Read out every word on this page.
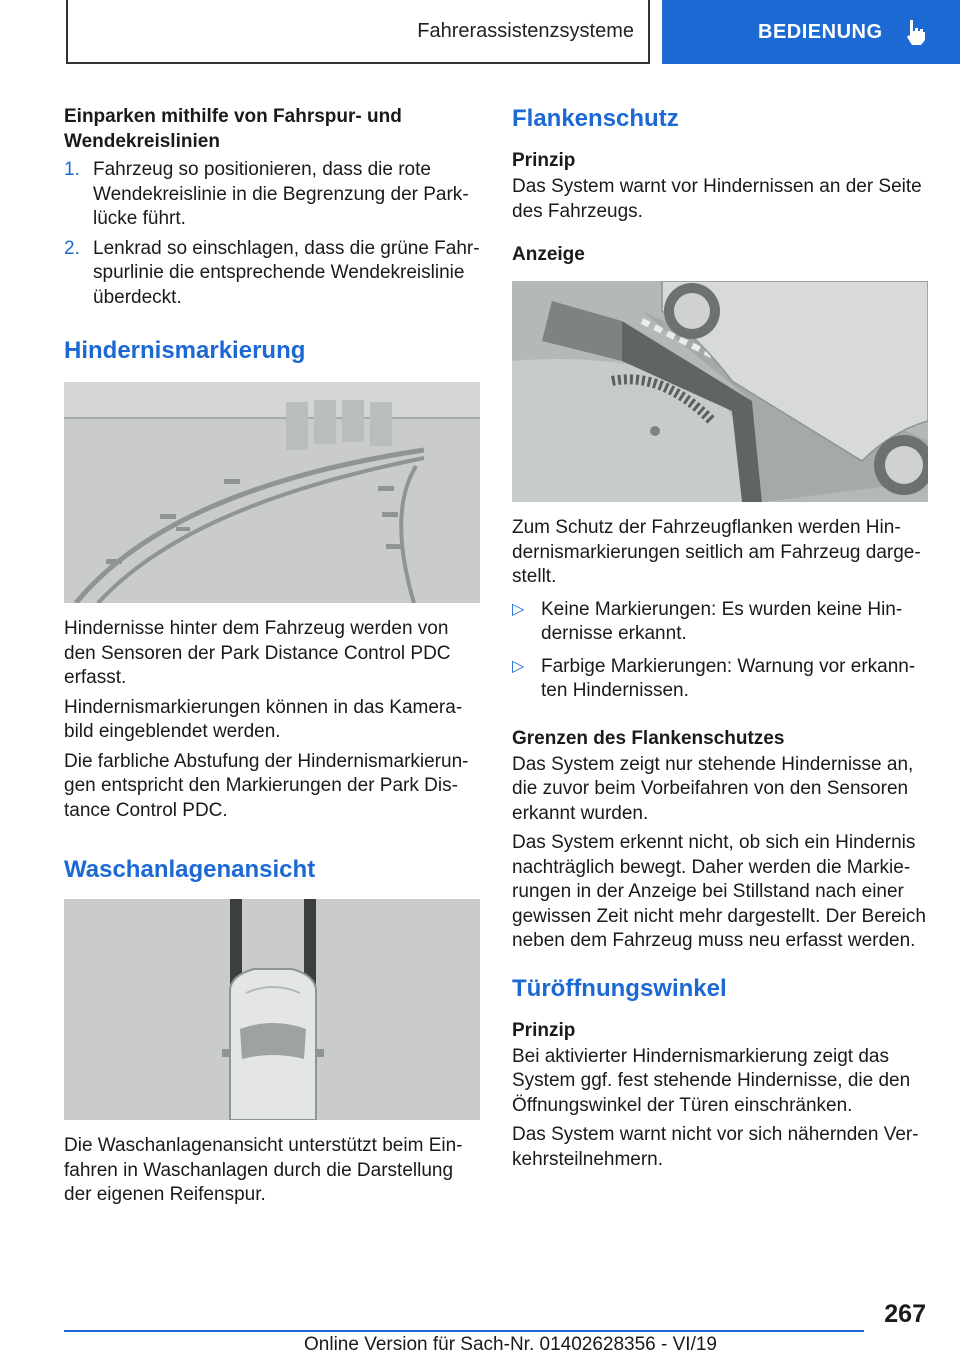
Fahrerassistenzsysteme	BEDIENUNG
Einparken mithilfe von Fahrspur- und Wendekreislinien
1. Fahrzeug so positionieren, dass die rote Wendekreislinie in die Begrenzung der Parklücke führt.
2. Lenkrad so einschlagen, dass die grüne Fahrspurlinie die entsprechende Wendekreislinie überdeckt.
Hindernismarkierung

Hindernisse hinter dem Fahrzeug werden von den Sensoren der Park Distance Control PDC erfasst.

Hindernismarkierungen können in das Kamerabild eingeblendet werden.

Die farbliche Abstufung der Hindernismarkierungen entspricht den Markierungen der Park Distance Control PDC.

Waschanlagenansicht

Die Waschanlagenansicht unterstützt beim Einfahren in Waschanlagen durch die Darstellung der eigenen Reifenspur.

Flankenschutz
Prinzip

Das System warnt vor Hindernissen an der Seite des Fahrzeugs.

Anzeige

Zum Schutz der Fahrzeugflanken werden Hindernismarkierungen seitlich am Fahrzeug dargestellt.

▷ Keine Markierungen: Es wurden keine Hindernisse erkannt.
▷ Farbige Markierungen: Warnung vor erkannten Hindernissen.
Grenzen des Flankenschutzes

Das System zeigt nur stehende Hindernisse an, die zuvor beim Vorbeifahren von den Sensoren erkannt wurden.

Das System erkennt nicht, ob sich ein Hindernis nachträglich bewegt. Daher werden die Markierungen in der Anzeige bei Stillstand nach einer gewissen Zeit nicht mehr dargestellt. Der Bereich neben dem Fahrzeug muss neu erfasst werden.

Türöffnungswinkel
Prinzip

Bei aktivierter Hindernismarkierung zeigt das System ggf. fest stehende Hindernisse, die den Öffnungswinkel der Türen einschränken.

Das System warnt nicht vor sich nähernden Verkehrsteilnehmern.

267
Online Version für Sach-Nr. 01402628356 - VI/19
